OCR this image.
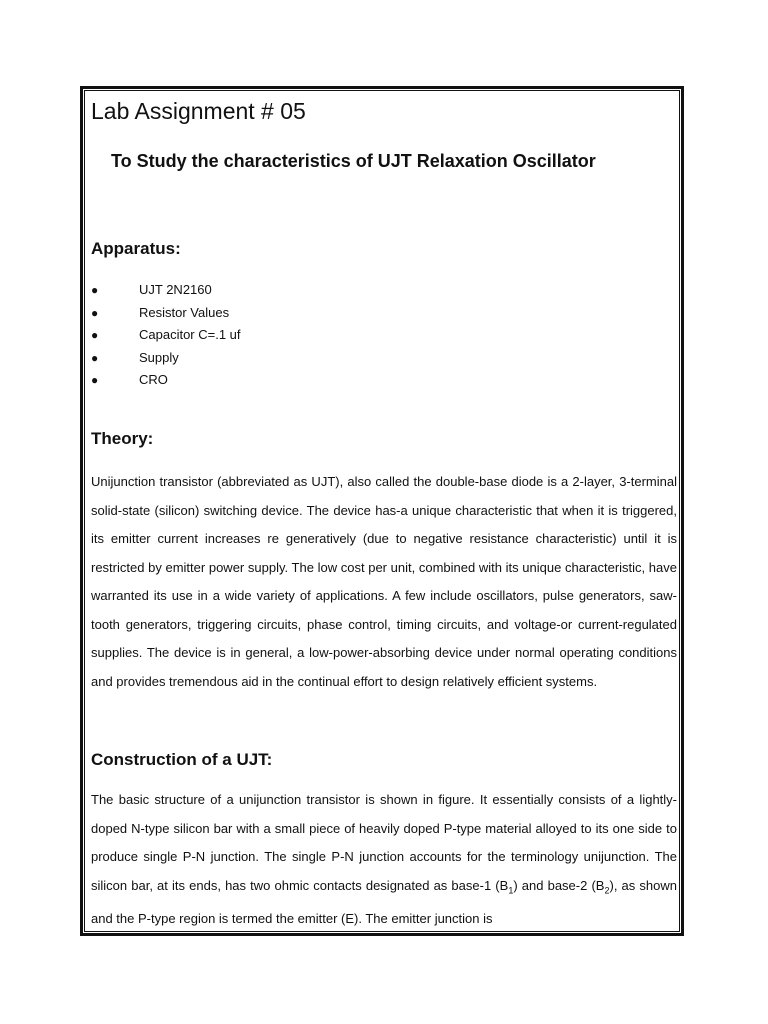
Lab Assignment # 05
To Study the characteristics of UJT Relaxation Oscillator
Apparatus:
●	UJT 2N2160
●	Resistor Values
●	Capacitor C=.1 uf
●	Supply
●	CRO
Theory:

Unijunction transistor (abbreviated as UJT), also called the double-base diode is a 2-layer, 3-terminal solid-state (silicon) switching device. The device has-a unique characteristic that when it is triggered, its emitter current increases re generatively (due to negative resistance characteristic) until it is restricted by emitter power supply. The low cost per unit, combined with its unique characteristic, have warranted its use in a wide variety of applications. A few include oscillators, pulse generators, saw-tooth generators, triggering circuits, phase control, timing circuits, and voltage-or current-regulated supplies. The device is in general, a low-power-absorbing device under normal operating conditions and provides tremendous aid in the continual effort to design relatively efficient systems.

Construction of a UJT:

The basic structure of a unijunction transistor is shown in figure. It essentially consists of a lightly-doped N-type silicon bar with a small piece of heavily doped P-type material alloyed to its one side to produce single P-N junction. The single P-N junction accounts for the terminology unijunction. The silicon bar, at its ends, has two ohmic contacts designated as base-1 $(B_1)$ and base-2 $(B_2)$, as shown and the P-type region is termed the emitter (E). The emitter junction is
